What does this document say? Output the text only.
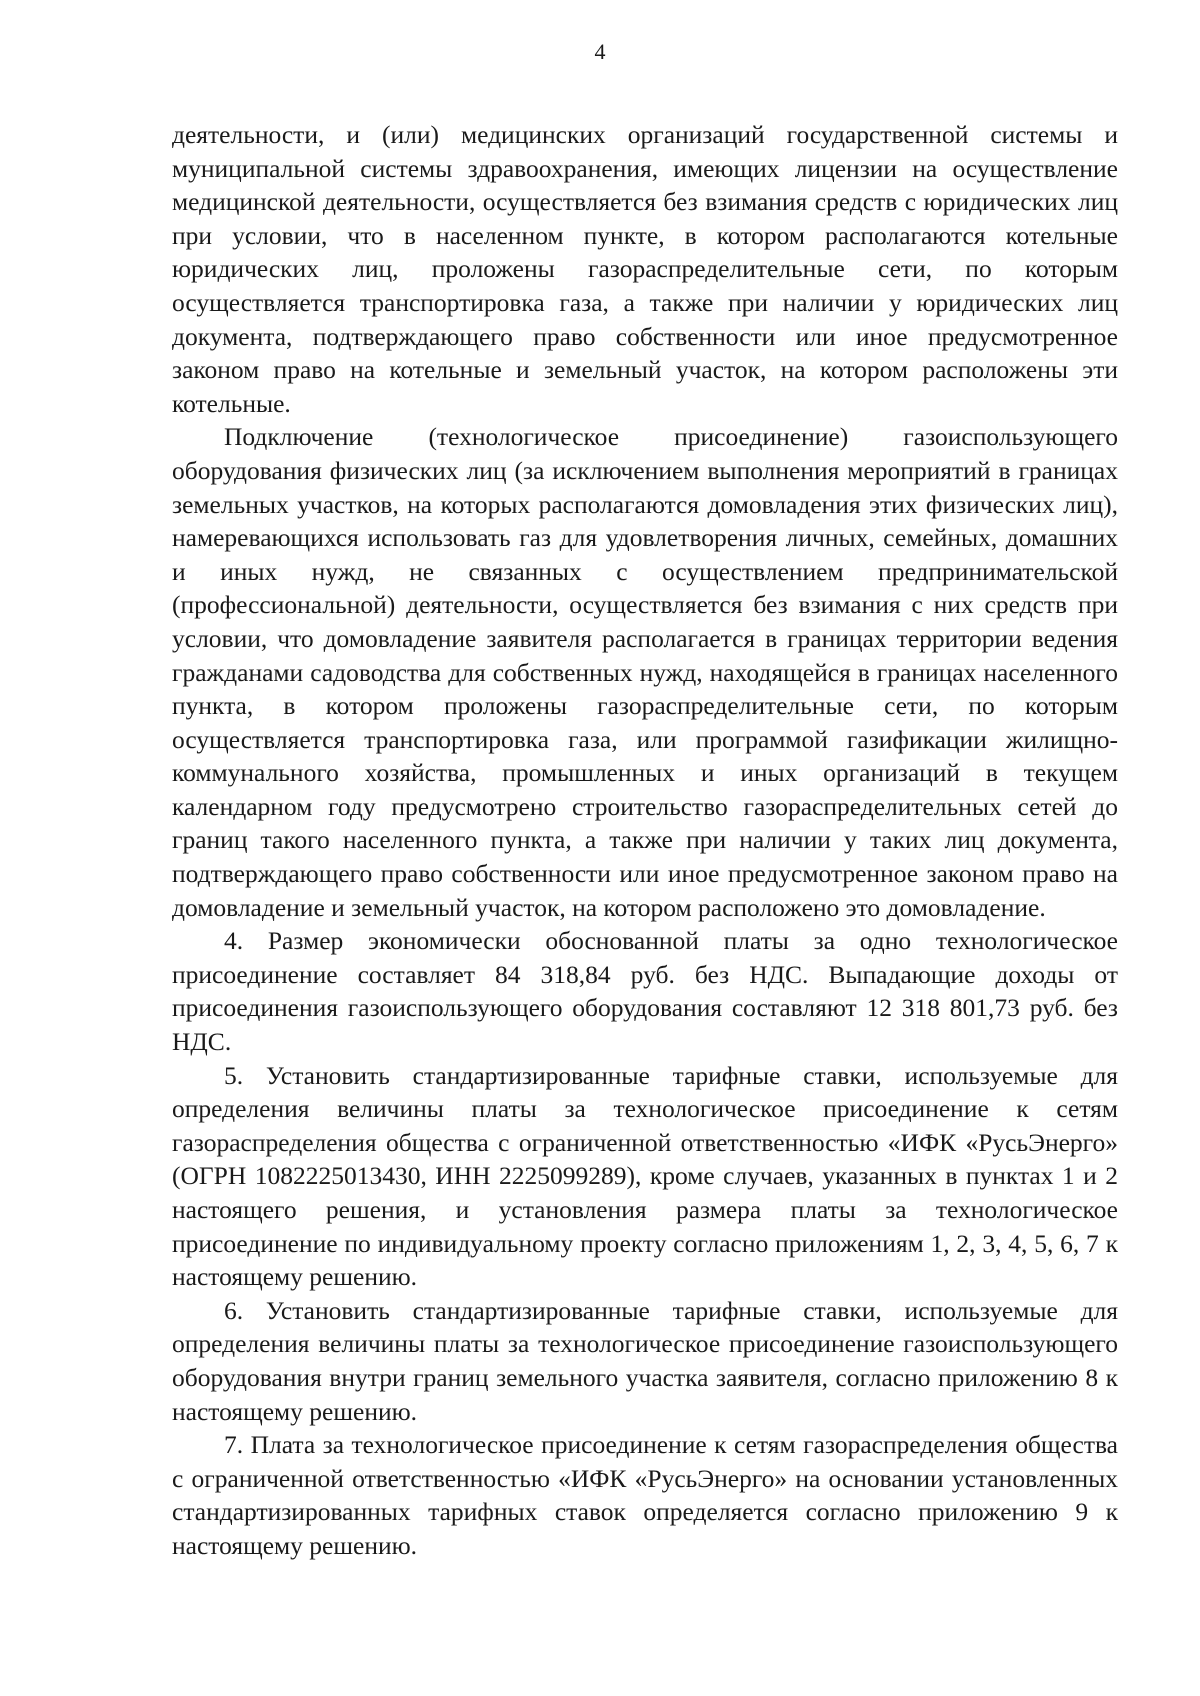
4

деятельности, и (или) медицинских организаций государственной системы и муниципальной системы здравоохранения, имеющих лицензии на осуществление медицинской деятельности, осуществляется без взимания средств с юридических лиц при условии, что в населенном пункте, в котором располагаются котельные юридических лиц, проложены газораспределительные сети, по которым осуществляется транспортировка газа, а также при наличии у юридических лиц документа, подтверждающего право собственности или иное предусмотренное законом право на котельные и земельный участок, на котором расположены эти котельные.

Подключение (технологическое присоединение) газоиспользующего оборудования физических лиц (за исключением выполнения мероприятий в границах земельных участков, на которых располагаются домовладения этих физических лиц), намеревающихся использовать газ для удовлетворения личных, семейных, домашних и иных нужд, не связанных с осуществлением предпринимательской (профессиональной) деятельности, осуществляется без взимания с них средств при условии, что домовладение заявителя располагается в границах территории ведения гражданами садоводства для собственных нужд, находящейся в границах населенного пункта, в котором проложены газораспределительные сети, по которым осуществляется транспортировка газа, или программой газификации жилищно-коммунального хозяйства, промышленных и иных организаций в текущем календарном году предусмотрено строительство газораспределительных сетей до границ такого населенного пункта, а также при наличии у таких лиц документа, подтверждающего право собственности или иное предусмотренное законом право на домовладение и земельный участок, на котором расположено это домовладение.

4. Размер экономически обоснованной платы за одно технологическое присоединение составляет 84 318,84 руб. без НДС. Выпадающие доходы от присоединения газоиспользующего оборудования составляют 12 318 801,73 руб. без НДС.

5. Установить стандартизированные тарифные ставки, используемые для определения величины платы за технологическое присоединение к сетям газораспределения общества с ограниченной ответственностью «ИФК «РусьЭнерго» (ОГРН 1082225013430, ИНН 2225099289), кроме случаев, указанных в пунктах 1 и 2 настоящего решения, и установления размера платы за технологическое присоединение по индивидуальному проекту согласно приложениям 1, 2, 3, 4, 5, 6, 7 к настоящему решению.

6. Установить стандартизированные тарифные ставки, используемые для определения величины платы за технологическое присоединение газоиспользующего оборудования внутри границ земельного участка заявителя, согласно приложению 8 к настоящему решению.

7. Плата за технологическое присоединение к сетям газораспределения общества с ограниченной ответственностью «ИФК «РусьЭнерго» на основании установленных стандартизированных тарифных ставок определяется согласно приложению 9 к настоящему решению.
